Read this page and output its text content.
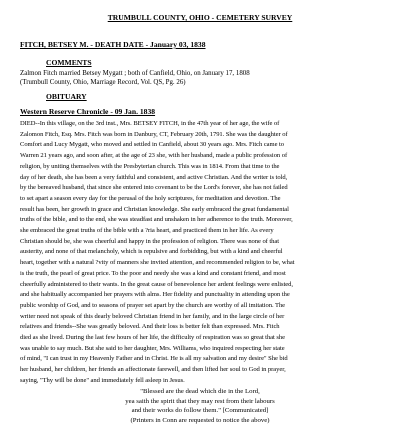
TRUMBULL COUNTY, OHIO - CEMETERY SURVEY
FITCH, BETSEY M. - DEATH DATE - January 03, 1838
COMMENTS
Zalmon Fitch married Betsey Mygatt ; both of Canfield, Ohio, on January 17, 1808
(Trumbull County, Ohio, Marriage Record, Vol. QS, Pg. 26)
OBITUARY
Western Reserve Chronicle - 09 Jan. 1838
DIED--In this village, on the 3rd inst., Mrs. BETSEY FITCH, in the 47th year of her age, the wife of
Zalomon Fitch, Esq. Mrs. Fitch was born in Danbury, CT, February 20th, 1791. She was the daughter of
Comfort and Lucy Mygatt, who moved and settled in Canfield, about 30 years ago. Mrs. Fitch came to
Warren 21 years ago, and soon after, at the age of 23 she, with her husband, made a public profession of
religion, by uniting themselves with the Presbyterian church. This was in 1814. From that time to the
day of her death, she has been a very faithful and consistent, and active Christian. And the writer is told,
by the bereaved husband, that since she entered into covenant to be the Lord's forever, she has not failed
to set apart a season every day for the perusal of the holy scriptures, for meditation and devotion. The
result has been, her growth in grace and Christian knowledge. She early embraced the great fundamental
truths of the bible, and to the end, she was steadfast and unshaken in her adherence to the truth. Moreover,
she embraced the great truths of the bible with a ?ria heart, and practiced them in her life. As every
Christian should be, she was cheerful and happy in the profession of religion. There was none of that
austerity, and none of that melancholy, which is repulsive and forbidding, but with a kind and cheerful
heart, together with a natural ?vity of manners she invited attention, and recommended religion to be, what
is the truth, the pearl of great price. To the poor and needy she was a kind and constant friend, and most
cheerfully administered to their wants. In the great cause of benevolence her ardent feelings were enlisted,
and she habitually accompanied her prayers with alms. Her fidelity and punctuality in attending upon the
public worship of God, and to seasons of prayer set apart by the church are worthy of all imitation. The
writer need not speak of this dearly beloved Christian friend in her family, and in the large circle of her
relatives and friends--She was greatly beloved. And their loss is better felt than expressed. Mrs. Fitch
died as she lived. During the last few hours of her life, the difficulty of respiration was so great that she
was unable to say much. But she said to her daughter, Mrs. Williams, who inquired respecting her state
of mind, "I can trust in my Heavenly Father and in Christ. He is all my salvation and my desire" She bid
her husband, her children, her friends an affectionate farewell, and then lifted her soul to God in prayer,
saying, "Thy will be done" and immediately fell asleep in Jesus.
"Blessed are the dead which die in the Lord,
yea saith the spirit that they may rest from their labours
and their works do follow them." [Communicated]
(Printers in Conn are requested to notice the above)
